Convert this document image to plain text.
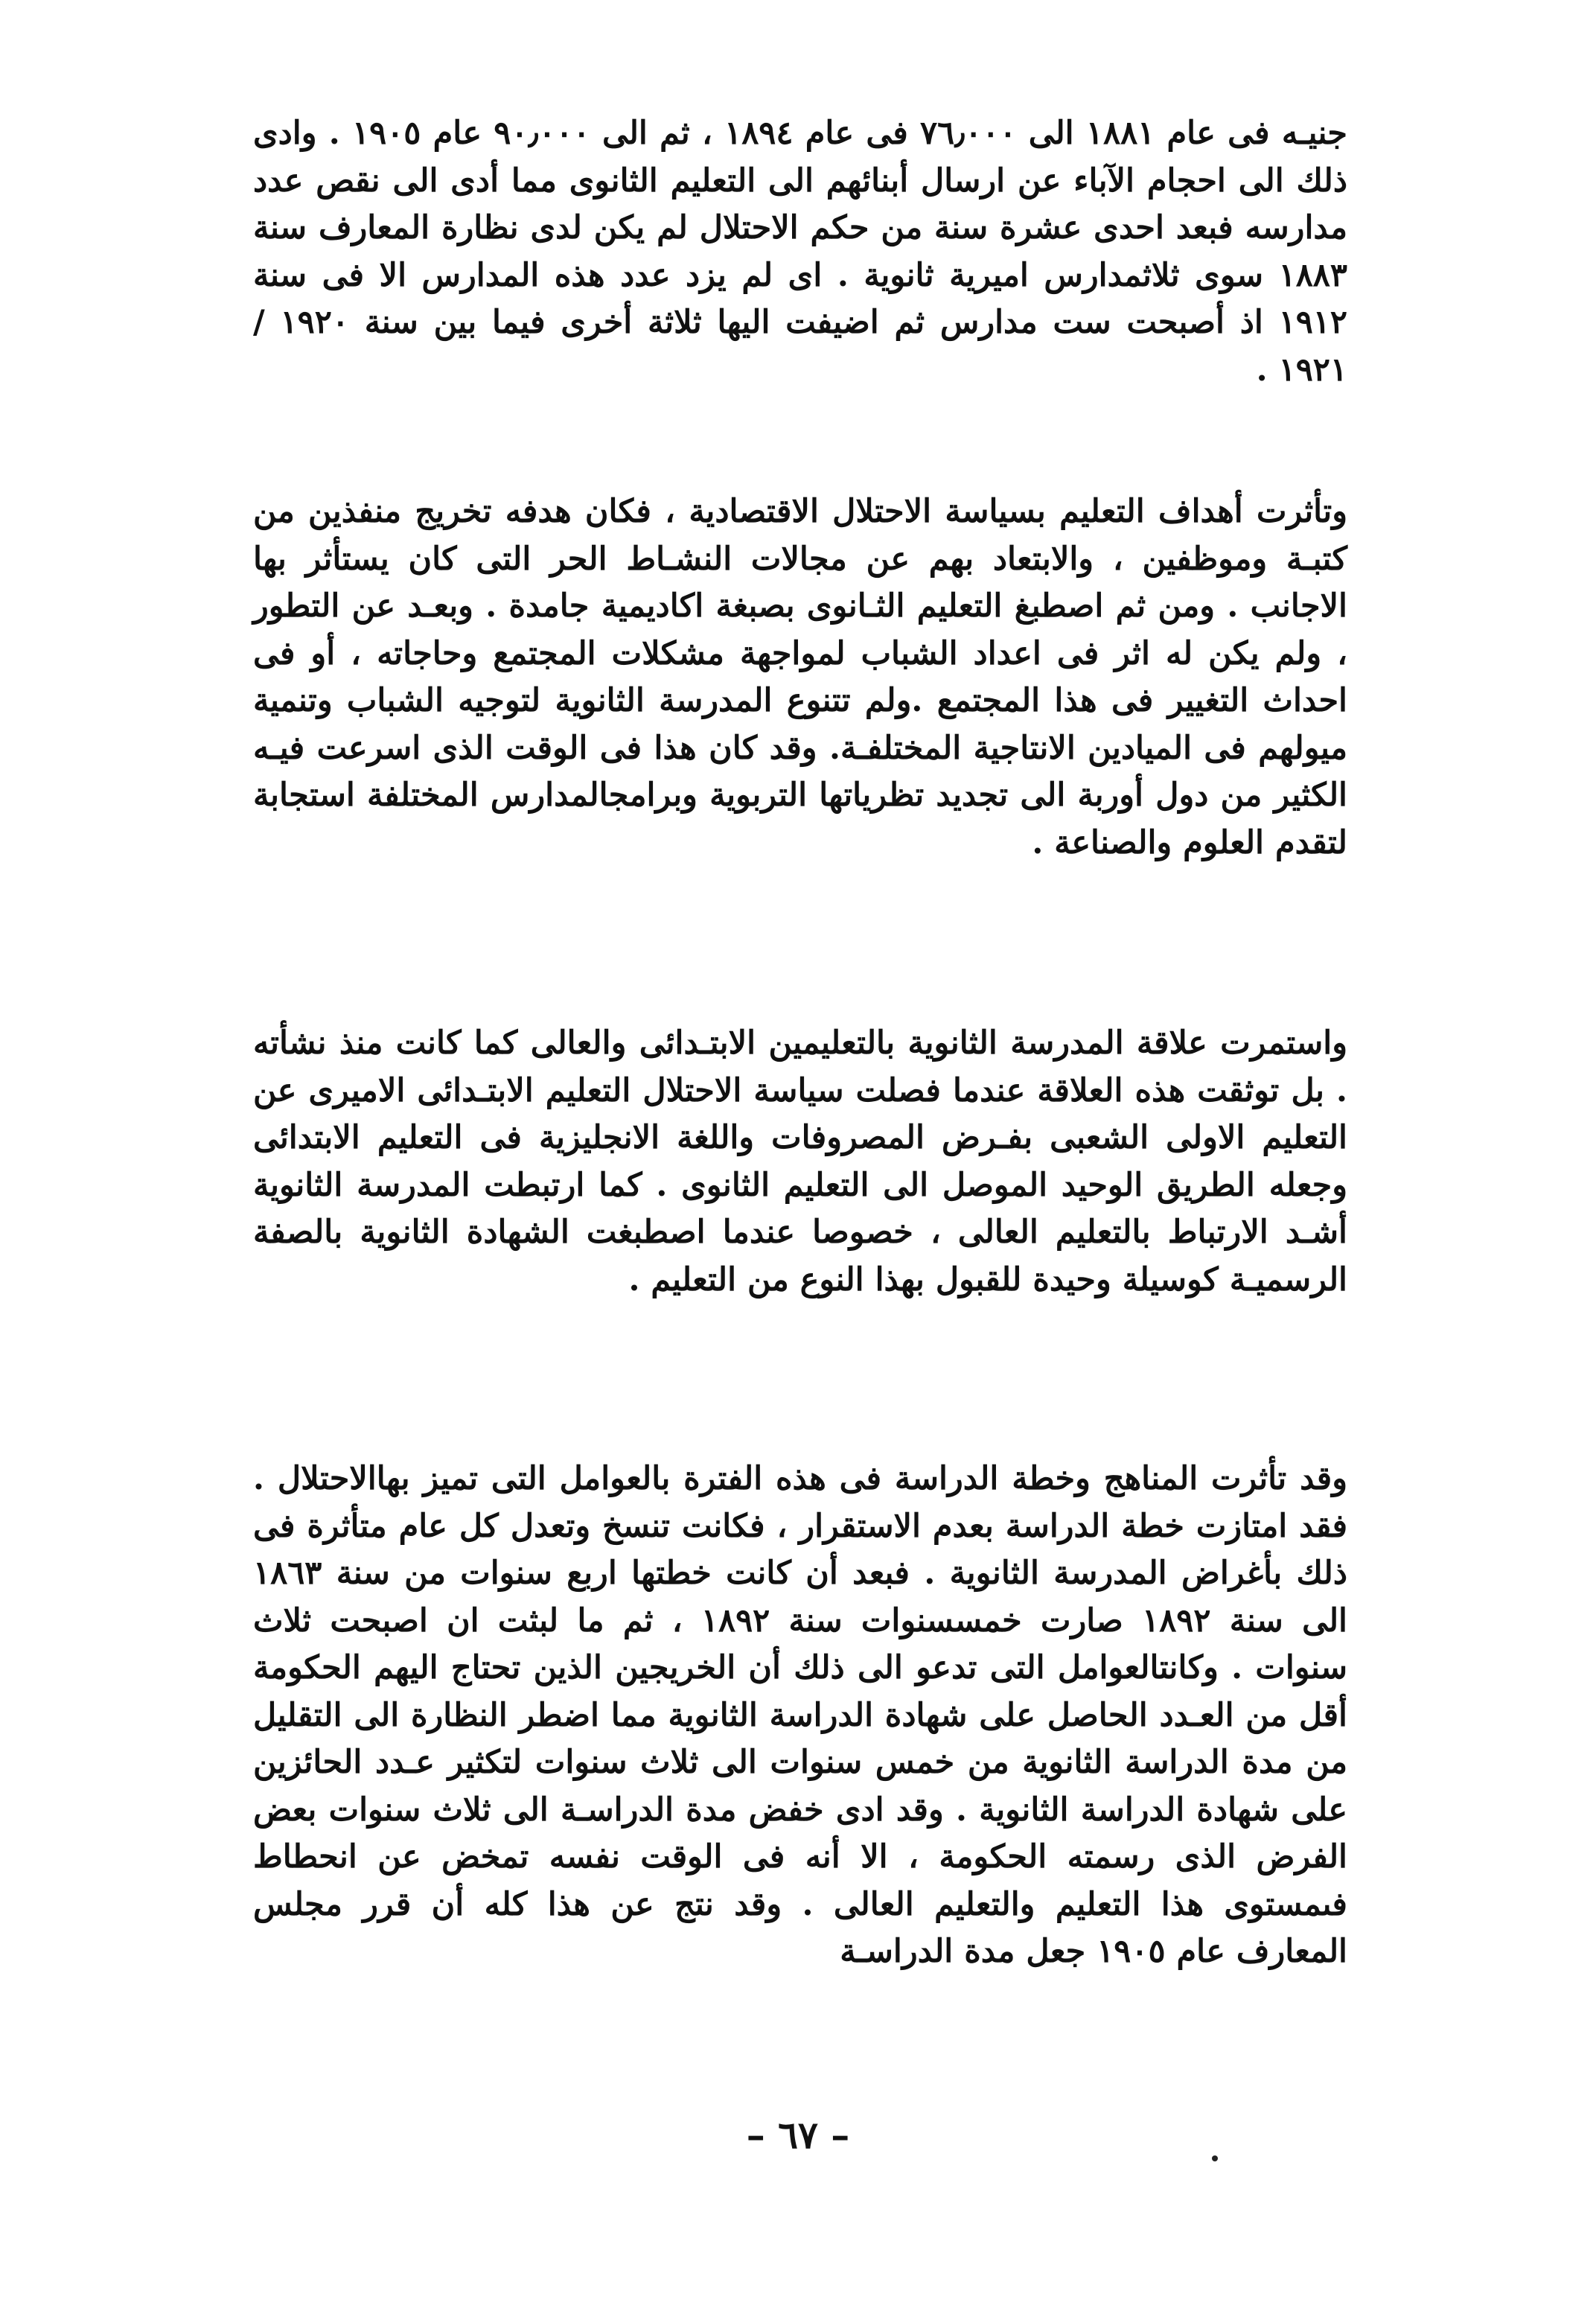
جنيـه فى عام ١٨٨١ الى ٧٦٫٠٠٠ فى عام ١٨٩٤ ، ثم الى ٩٠٫٠٠٠ عام ١٩٠٥ . وادى ذلك الى احجام الآباء عن ارسال أبنائهم الى التعليم الثانوى مما أدى الى نقص عدد مدارسه فبعد احدى عشرة سنة من حكم الاحتلال لم يكن لدى نظارة المعارف سنة ١٨٨٣ سوى ثلاثمدارس اميرية ثانوية . اى لم يزد عدد هذه المدارس الا فى سنة ١٩١٢ اذ أصبحت ست مدارس ثم اضيفت اليها ثلاثة أخرى فيما بين سنة ١٩٢٠ / ١٩٢١ .

وتأثرت أهداف التعليم بسياسة الاحتلال الاقتصادية ، فكان هدفه تخريج منفذين من كتبـة وموظفين ، والابتعاد بهم عن مجالات النشـاط الحر التى كان يستأثر بها الاجانب . ومن ثم اصطبغ التعليم الثـانوى بصبغة اكاديمية جامدة . وبعـد عن التطور ، ولم يكن له اثر فى اعداد الشباب لمواجهة مشكلات المجتمع وحاجاته ، أو فى احداث التغيير فى هذا المجتمع .ولم تتنوع المدرسة الثانوية لتوجيه الشباب وتنمية ميولهم فى الميادين الانتاجية المختلفـة. وقد كان هذا فى الوقت الذى اسرعت فيـه الكثير من دول أوربة الى تجديد تظرياتها التربوية وبرامجالمدارس المختلفة استجابة لتقدم العلوم والصناعة .

واستمرت علاقة المدرسة الثانوية بالتعليمين الابتـدائى والعالى كما كانت منذ نشأته . بل توثقت هذه العلاقة عندما فصلت سياسة الاحتلال التعليم الابتـدائى الاميرى عن التعليم الاولى الشعبى بفـرض المصروفات واللغة الانجليزية فى التعليم الابتدائى وجعله الطريق الوحيد الموصل الى التعليم الثانوى . كما ارتبطت المدرسة الثانوية أشـد الارتباط بالتعليم العالى ، خصوصا عندما اصطبغت الشهادة الثانوية بالصفة الرسميـة كوسيلة وحيدة للقبول بهذا النوع من التعليم .

وقد تأثرت المناهج وخطة الدراسة فى هذه الفترة بالعوامل التى تميز بهاالاحتلال . فقد امتازت خطة الدراسة بعدم الاستقرار ، فكانت تنسخ وتعدل كل عام متأثرة فى ذلك بأغراض المدرسة الثانوية . فبعد أن كانت خطتها اربع سنوات من سنة ١٨٦٣ الى سنة ١٨٩٢ صارت خمسسنوات سنة ١٨٩٢ ، ثم ما لبثت ان اصبحت ثلاث سنوات . وكانتالعوامل التى تدعو الى ذلك أن الخريجين الذين تحتاج اليهم الحكومة أقل من العـدد الحاصل على شهادة الدراسة الثانوية مما اضطر النظارة الى التقليل من مدة الدراسة الثانوية من خمس سنوات الى ثلاث سنوات لتكثير عـدد الحائزين على شهادة الدراسة الثانوية . وقد ادى خفض مدة الدراسـة الى ثلاث سنوات بعض الفرض الذى رسمته الحكومة ، الا أنه فى الوقت نفسه تمخض عن انحطاط فىمستوى هذا التعليم والتعليم العالى . وقد نتج عن هذا كله أن قرر مجلس المعارف عام ١٩٠٥ جعل مدة الدراسـة

– ٦٧ –
